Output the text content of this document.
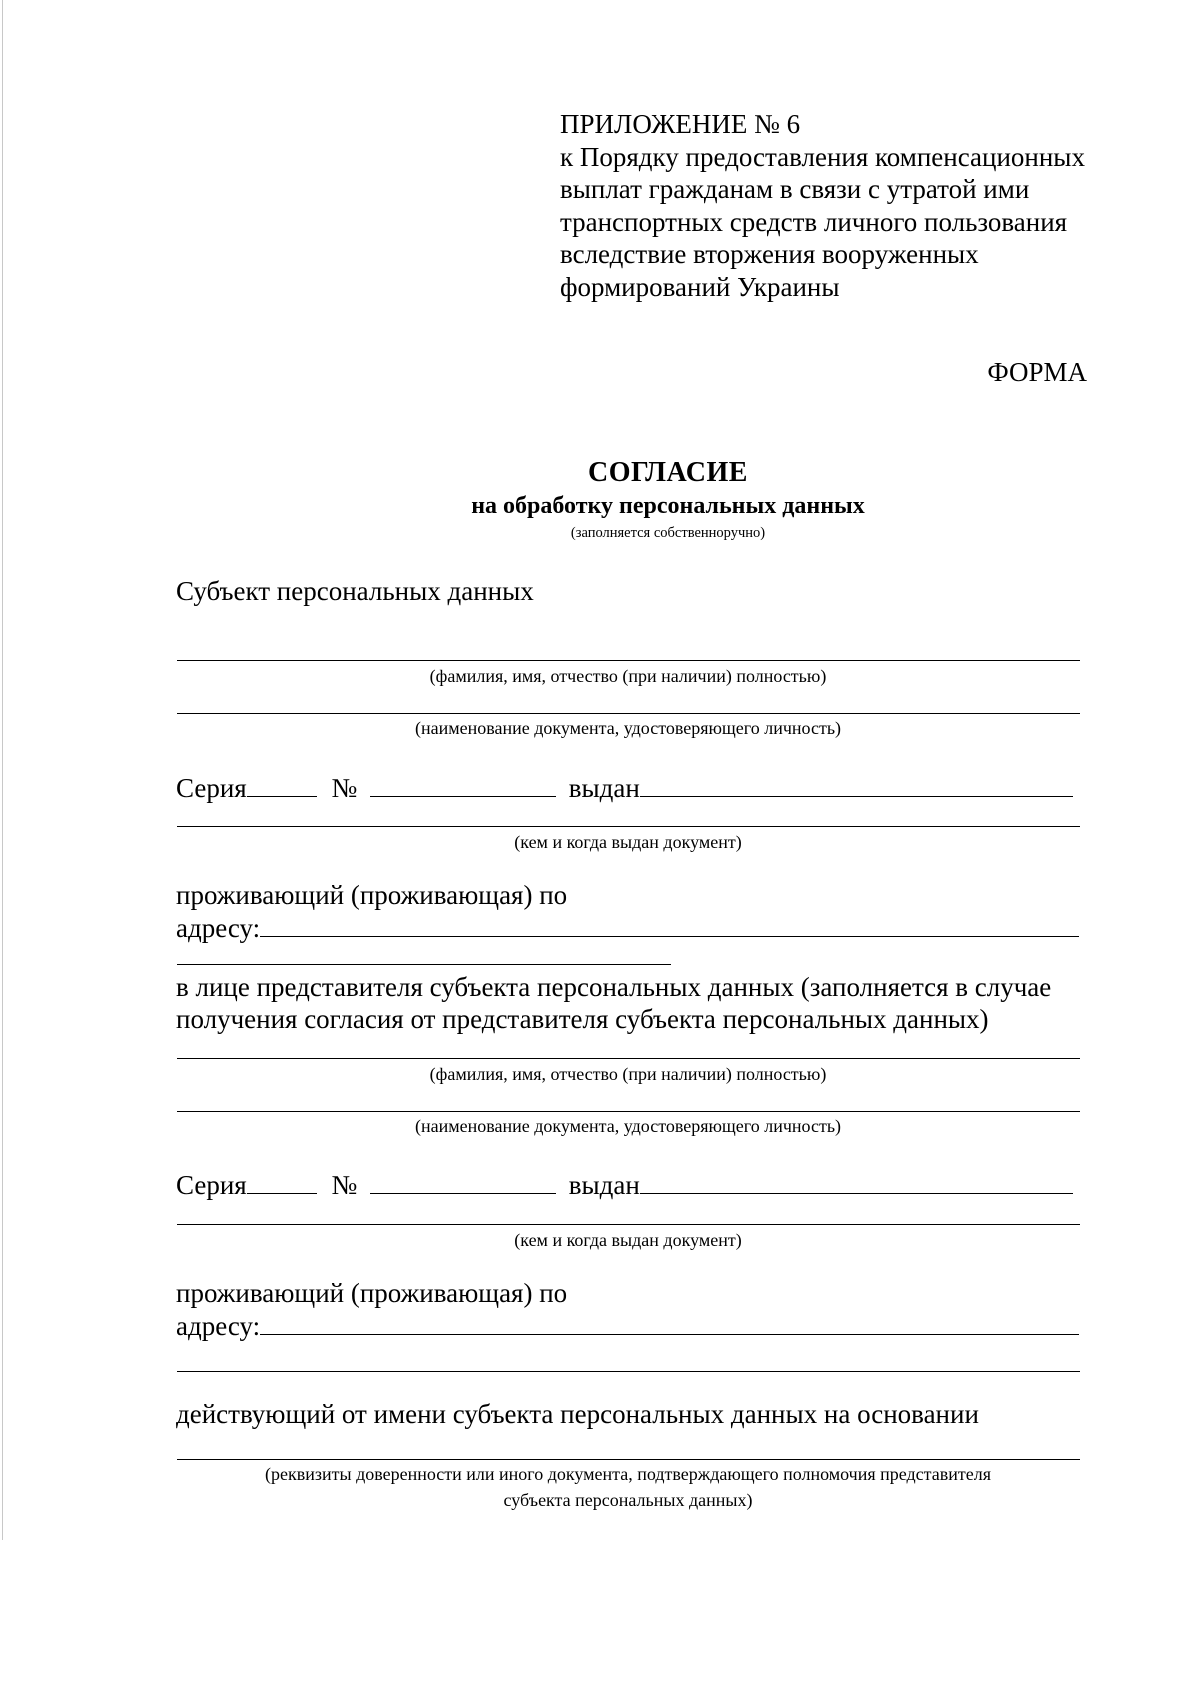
ПРИЛОЖЕНИЕ № 6
к Порядку предоставления компенсационных
выплат гражданам в связи с утратой ими
транспортных средств личного пользования
вследствие вторжения вооруженных
формирований Украины
ФОРМА
СОГЛАСИЕ
на обработку персональных данных
(заполняется собственноручно)
Субъект персональных данных
(фамилия, имя, отчество (при наличии) полностью)
(наименование документа, удостоверяющего личность)
Серия	№	выдан
(кем и когда выдан документ)
проживающий (проживающая) по
адресу:
в лице представителя субъекта персональных данных (заполняется в случае
получения согласия от представителя субъекта персональных данных)
(фамилия, имя, отчество (при наличии) полностью)
(наименование документа, удостоверяющего личность)
Серия	№	выдан
(кем и когда выдан документ)
проживающий (проживающая) по
адресу:
действующий от имени субъекта персональных данных на основании
(реквизиты доверенности или иного документа, подтверждающего полномочия представителя
субъекта персональных данных)
